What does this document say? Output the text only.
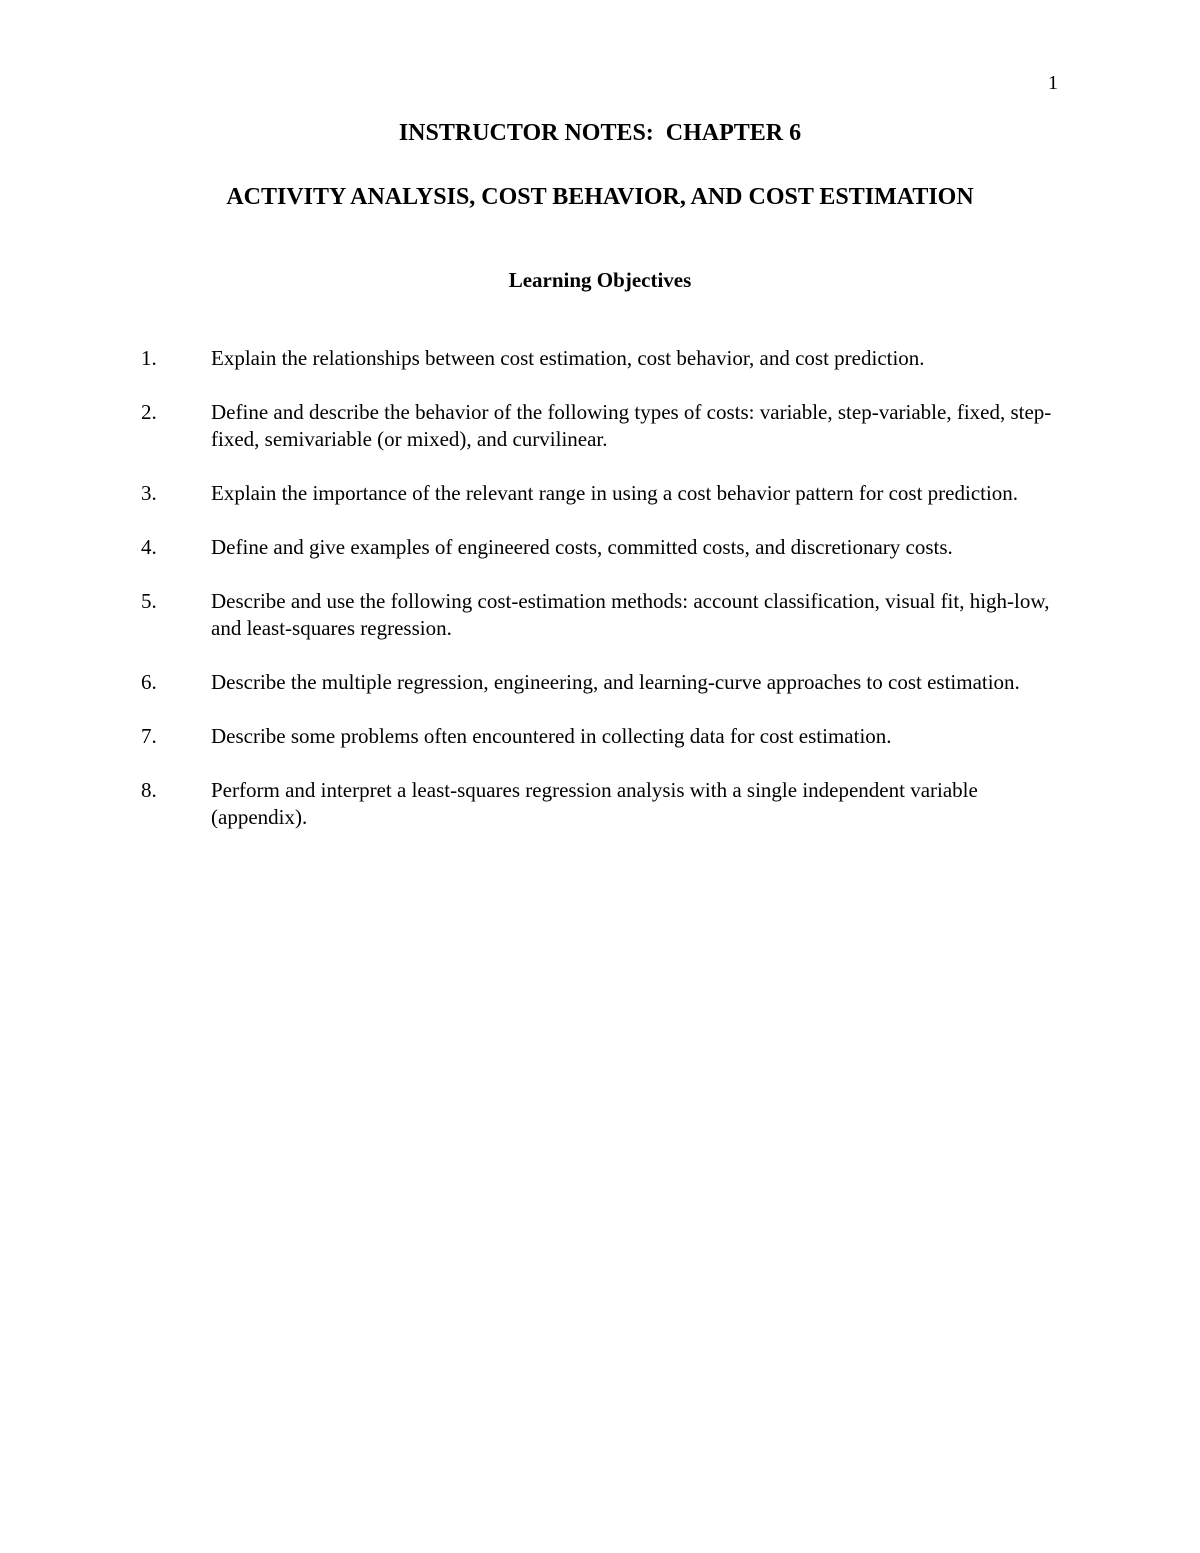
1
INSTRUCTOR NOTES:  CHAPTER 6
ACTIVITY ANALYSIS, COST BEHAVIOR, AND COST ESTIMATION
Learning Objectives
1.	Explain the relationships between cost estimation, cost behavior, and cost prediction.
2.	Define and describe the behavior of the following types of costs: variable, step-variable, fixed, step-fixed, semivariable (or mixed), and curvilinear.
3.	Explain the importance of the relevant range in using a cost behavior pattern for cost prediction.
4.	Define and give examples of engineered costs, committed costs, and discretionary costs.
5.	Describe and use the following cost-estimation methods: account classification, visual fit, high-low, and least-squares regression.
6.	Describe the multiple regression, engineering, and learning-curve approaches to cost estimation.
7.	Describe some problems often encountered in collecting data for cost estimation.
8.	Perform and interpret a least-squares regression analysis with a single independent variable (appendix).
